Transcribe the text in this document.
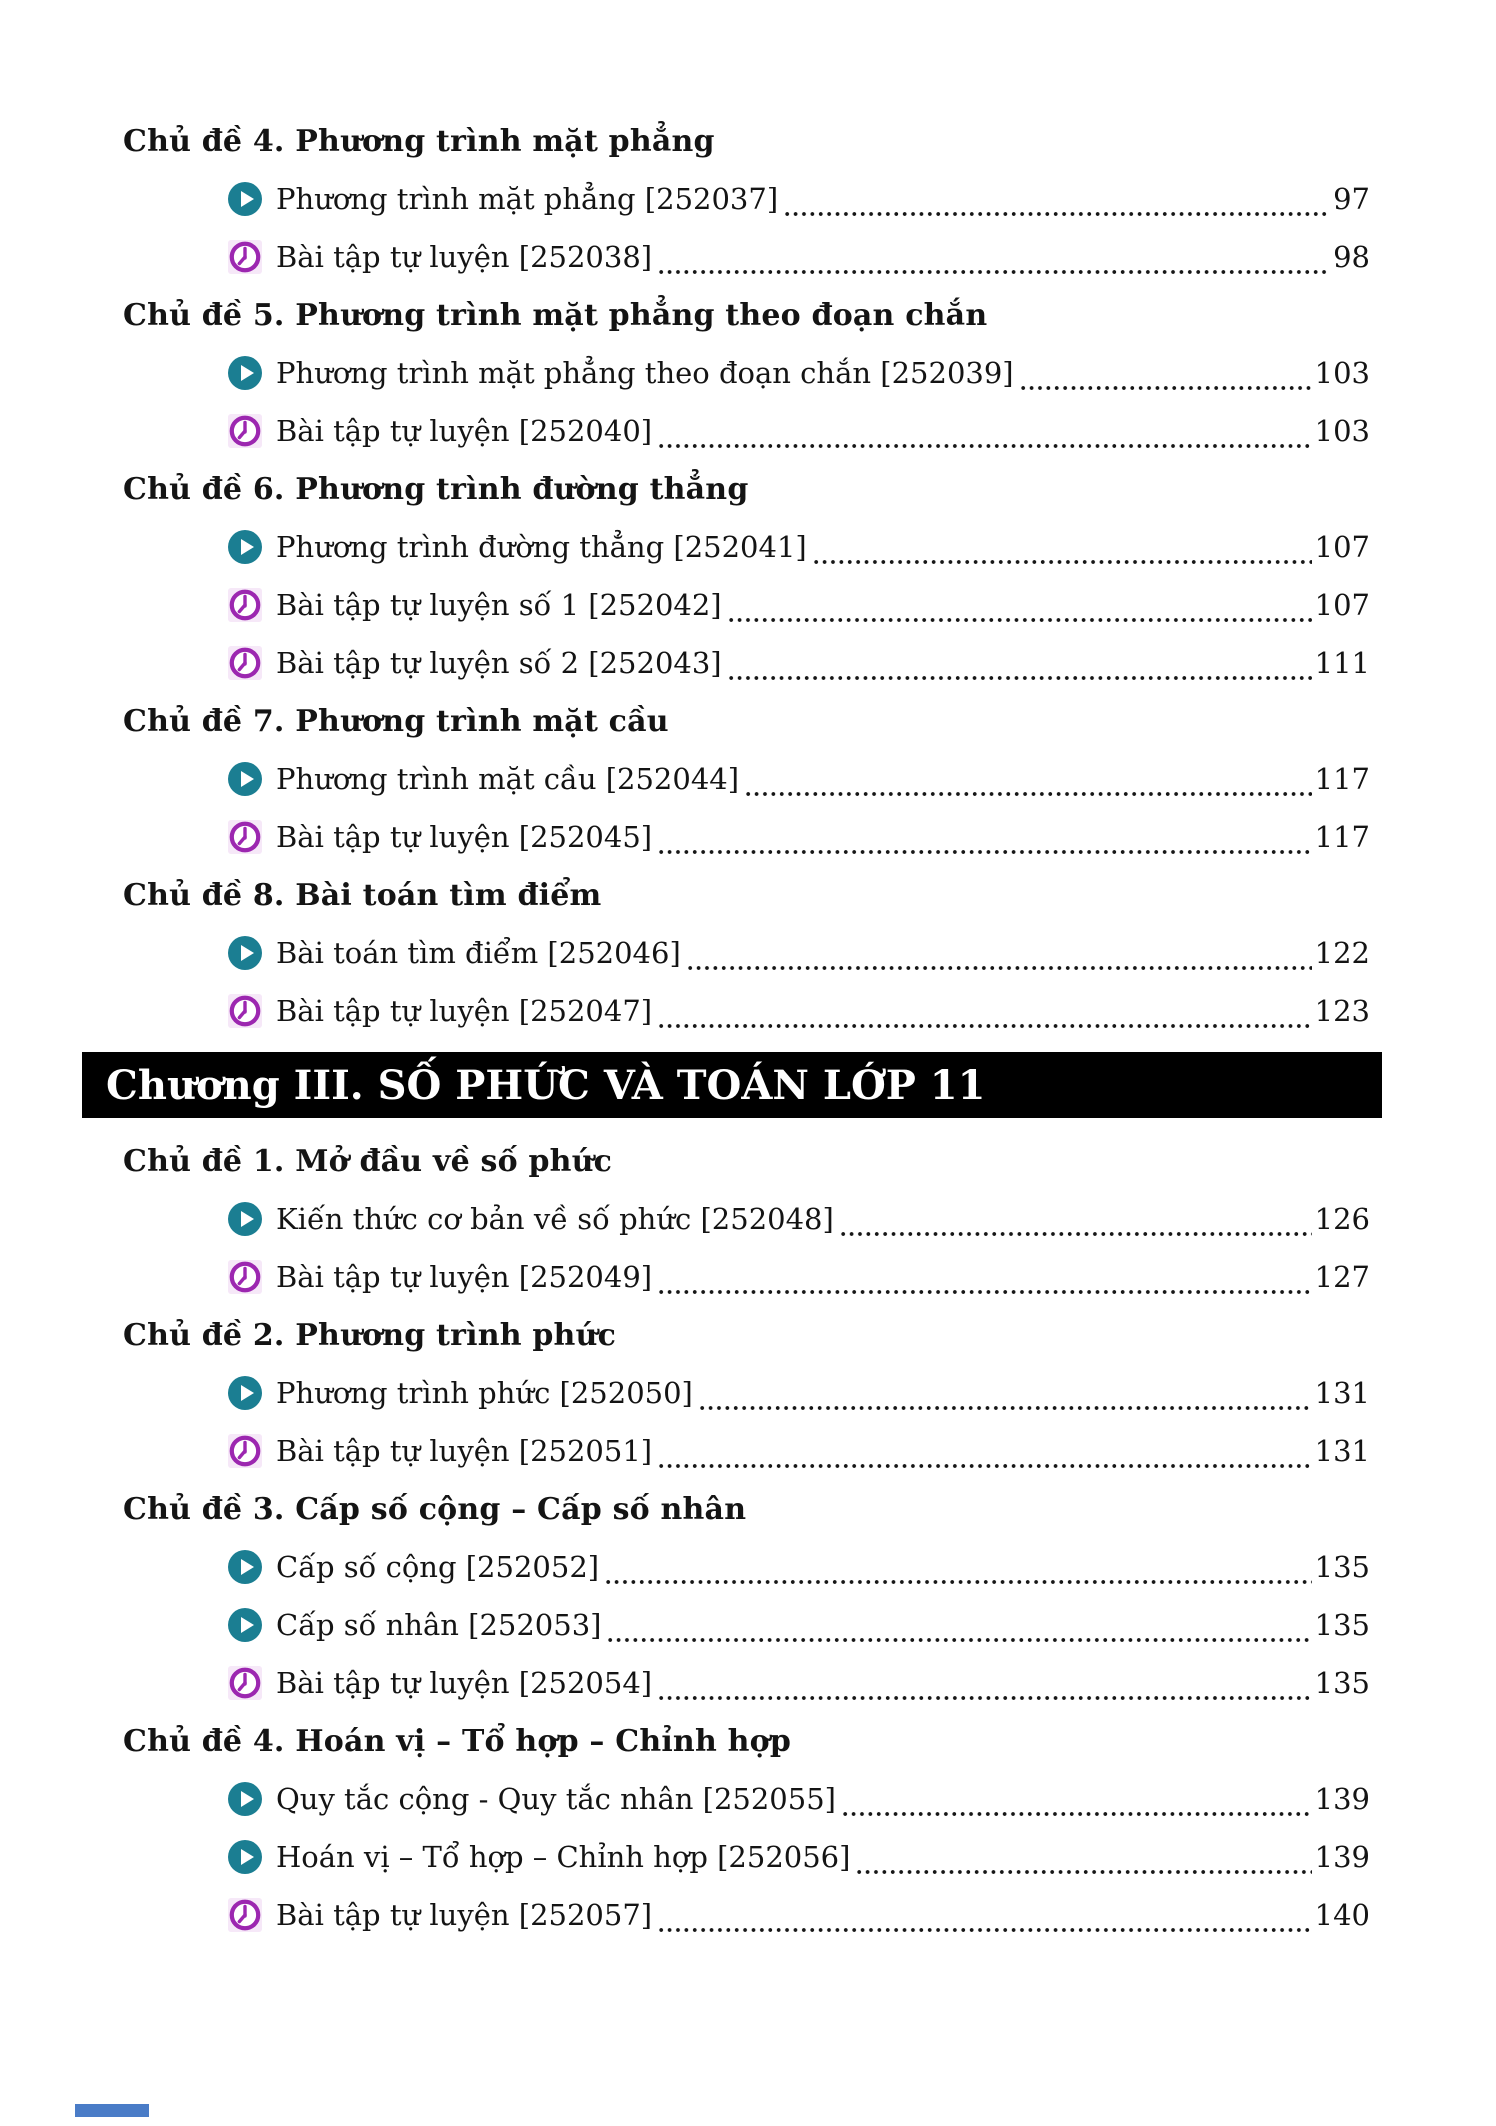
Chủ đề 4. Phương trình mặt phẳng
Phương trình mặt phẳng [252037]	97
Bài tập tự luyện [252038]	98
Chủ đề 5. Phương trình mặt phẳng theo đoạn chắn
Phương trình mặt phẳng theo đoạn chắn [252039]	103
Bài tập tự luyện [252040]	103
Chủ đề 6. Phương trình đường thẳng
Phương trình đường thẳng [252041]	107
Bài tập tự luyện số 1 [252042]	107
Bài tập tự luyện số 2 [252043]	111
Chủ đề 7. Phương trình mặt cầu
Phương trình mặt cầu [252044]	117
Bài tập tự luyện [252045]	117
Chủ đề 8. Bài toán tìm điểm
Bài toán tìm điểm [252046]	122
Bài tập tự luyện [252047]	123
Chương III. SỐ PHỨC VÀ TOÁN LỚP 11
Chủ đề 1. Mở đầu về số phức
Kiến thức cơ bản về số phức [252048]	126
Bài tập tự luyện [252049]	127
Chủ đề 2. Phương trình phức
Phương trình phức [252050]	131
Bài tập tự luyện [252051]	131
Chủ đề 3. Cấp số cộng – Cấp số nhân
Cấp số cộng [252052]	135
Cấp số nhân [252053]	135
Bài tập tự luyện [252054]	135
Chủ đề 4. Hoán vị – Tổ hợp – Chỉnh hợp
Quy tắc cộng - Quy tắc nhân [252055]	139
Hoán vị – Tổ hợp – Chỉnh hợp [252056]	139
Bài tập tự luyện [252057]	140
